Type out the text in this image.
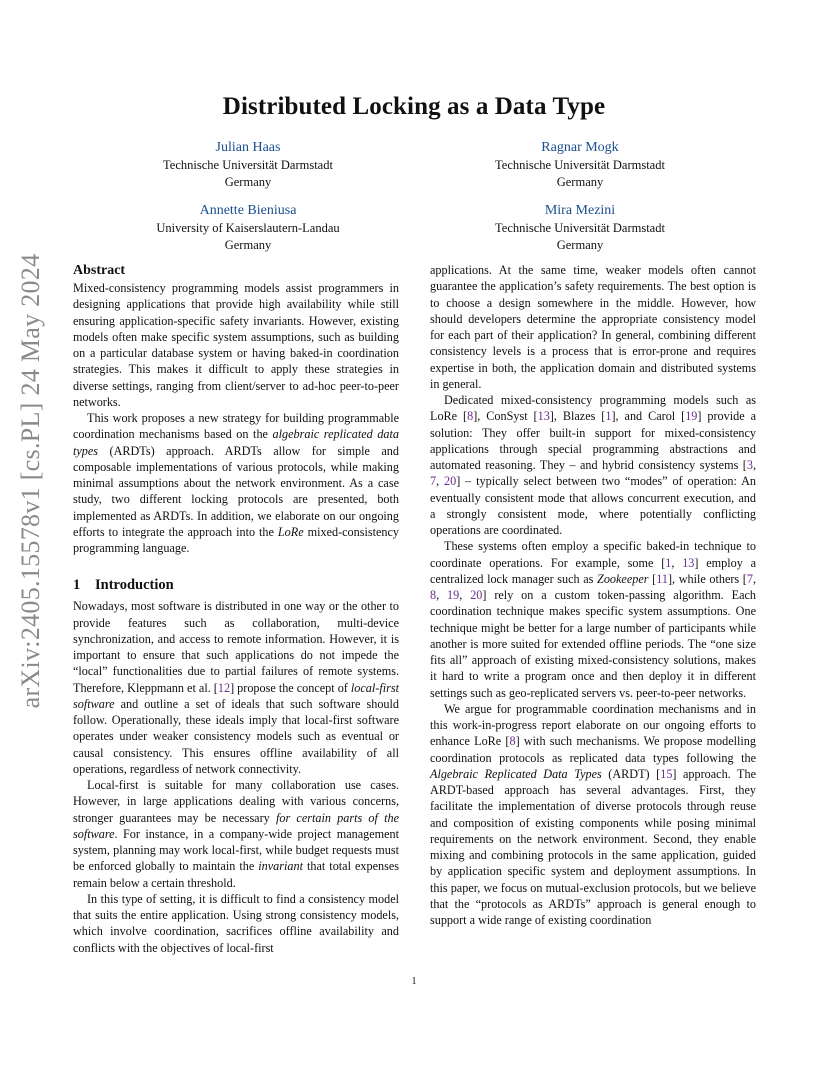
arXiv:2405.15578v1 [cs.PL] 24 May 2024
Distributed Locking as a Data Type
Julian Haas
Technische Universität Darmstadt
Germany
Ragnar Mogk
Technische Universität Darmstadt
Germany
Annette Bieniusa
University of Kaiserslautern-Landau
Germany
Mira Mezini
Technische Universität Darmstadt
Germany
Abstract

Mixed-consistency programming models assist programmers in designing applications that provide high availability while still ensuring application-specific safety invariants. However, existing models often make specific system assumptions, such as building on a particular database system or having baked-in coordination strategies. This makes it difficult to apply these strategies in diverse settings, ranging from client/server to ad-hoc peer-to-peer networks.

This work proposes a new strategy for building programmable coordination mechanisms based on the algebraic replicated data types (ARDTs) approach. ARDTs allow for simple and composable implementations of various protocols, while making minimal assumptions about the network environment. As a case study, two different locking protocols are presented, both implemented as ARDTs. In addition, we elaborate on our ongoing efforts to integrate the approach into the LoRe mixed-consistency programming language.

1 Introduction

Nowadays, most software is distributed in one way or the other to provide features such as collaboration, multi-device synchronization, and access to remote information. However, it is important to ensure that such applications do not impede the “local” functionalities due to partial failures of remote systems. Therefore, Kleppmann et al. [12] propose the concept of local-first software and outline a set of ideals that such software should follow. Operationally, these ideals imply that local-first software operates under weaker consistency models such as eventual or causal consistency. This ensures offline availability of all operations, regardless of network connectivity.

Local-first is suitable for many collaboration use cases. However, in large applications dealing with various concerns, stronger guarantees may be necessary for certain parts of the software. For instance, in a company-wide project management system, planning may work local-first, while budget requests must be enforced globally to maintain the invariant that total expenses remain below a certain threshold.

In this type of setting, it is difficult to find a consistency model that suits the entire application. Using strong consistency models, which involve coordination, sacrifices offline availability and conflicts with the objectives of local-first

applications. At the same time, weaker models often cannot guarantee the application’s safety requirements. The best option is to choose a design somewhere in the middle. However, how should developers determine the appropriate consistency model for each part of their application? In general, combining different consistency levels is a process that is error-prone and requires expertise in both, the application domain and distributed systems in general.

Dedicated mixed-consistency programming models such as LoRe [8], ConSyst [13], Blazes [1], and Carol [19] provide a solution: They offer built-in support for mixed-consistency applications through special programming abstractions and automated reasoning. They – and hybrid consistency systems [3, 7, 20] – typically select between two “modes” of operation: An eventually consistent mode that allows concurrent execution, and a strongly consistent mode, where potentially conflicting operations are coordinated.

These systems often employ a specific baked-in technique to coordinate operations. For example, some [1, 13] employ a centralized lock manager such as Zookeeper [11], while others [7, 8, 19, 20] rely on a custom token-passing algorithm. Each coordination technique makes specific system assumptions. One technique might be better for a large number of participants while another is more suited for extended offline periods. The “one size fits all” approach of existing mixed-consistency solutions, makes it hard to write a program once and then deploy it in different settings such as geo-replicated servers vs. peer-to-peer networks.

We argue for programmable coordination mechanisms and in this work-in-progress report elaborate on our ongoing efforts to enhance LoRe [8] with such mechanisms. We propose modelling coordination protocols as replicated data types following the Algebraic Replicated Data Types (ARDT) [15] approach. The ARDT-based approach has several advantages. First, they facilitate the implementation of diverse protocols through reuse and composition of existing components while posing minimal requirements on the network environment. Second, they enable mixing and combining protocols in the same application, guided by application specific system and deployment assumptions. In this paper, we focus on mutual-exclusion protocols, but we believe that the “protocols as ARDTs” approach is general enough to support a wide range of existing coordination

1
